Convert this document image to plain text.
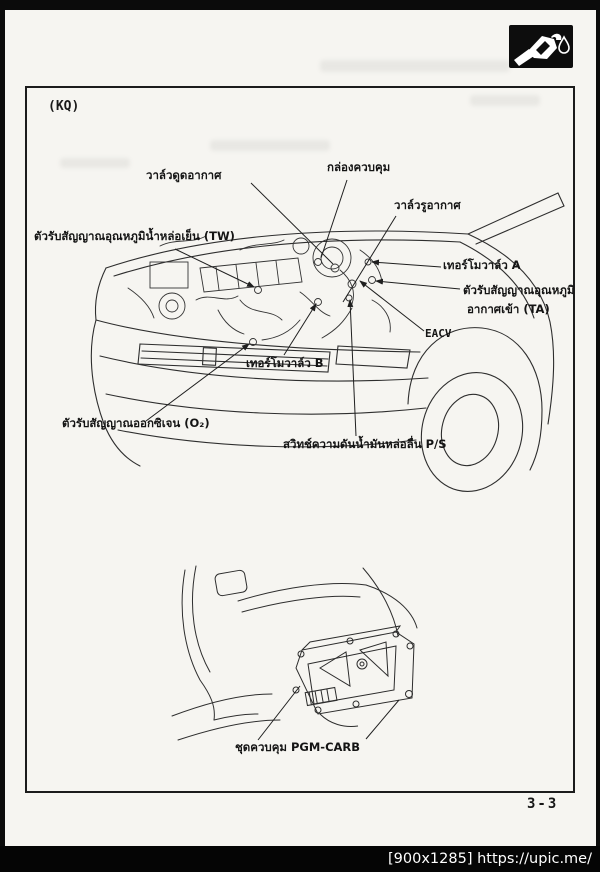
(KQ)
วาล์วดูดอากาศ
กล่องควบคุม
วาล์วรูอากาศ
ตัวรับสัญญาณอุณหภูมิน้ำหล่อเย็น (TW)
เทอร์โมวาล์ว A
ตัวรับสัญญาณอุณหภูมิ
อากาศเข้า (TA)
EACV
เทอร์โมวาล์ว B
ตัวรับสัญญาณออกซิเจน (O₂)
สวิทช์ความดันน้ำมันหล่อลื่น P/S
ชุดควบคุม PGM-CARB
3-3
[900x1285] https://upic.me/
